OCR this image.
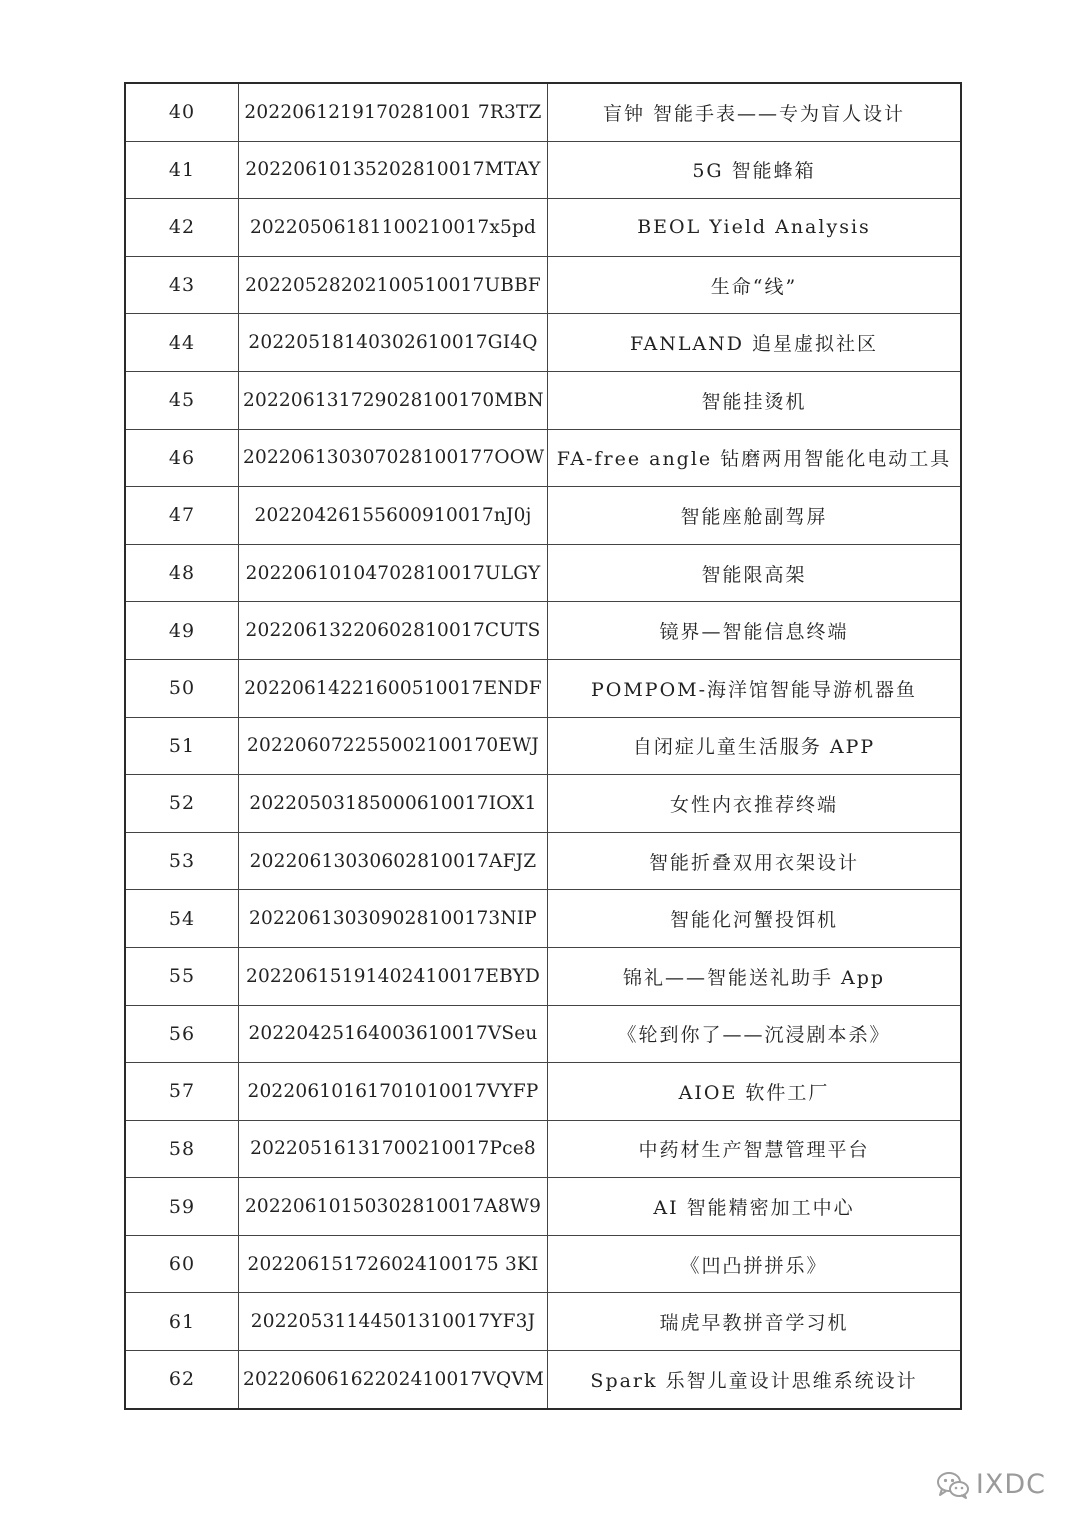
40	2022061219170281001 7R3TZ	盲钟 智能手表——专为盲人设计
41	20220610135202810017MTAY	5G 智能蜂箱
42	20220506181100210017x5pd	BEOL Yield Analysis
43	20220528202100510017UBBF	生命“线”
44	20220518140302610017GI4Q	FANLAND 追星虚拟社区
45	202206131729028100170MBN	智能挂烫机
46	202206130307028100177OOW	FA-free angle 钻磨两用智能化电动工具
47	20220426155600910017nJ0j	智能座舱副驾屏
48	20220610104702810017ULGY	智能限高架
49	20220613220602810017CUTS	镜界—智能信息终端
50	20220614221600510017ENDF	POMPOM-海洋馆智能导游机器鱼
51	202206072255002100170EWJ	自闭症儿童生活服务 APP
52	20220503185000610017IOX1	女性内衣推荐终端
53	20220613030602810017AFJZ	智能折叠双用衣架设计
54	202206130309028100173NIP	智能化河蟹投饵机
55	20220615191402410017EBYD	锦礼——智能送礼助手 App
56	20220425164003610017VSeu	《轮到你了——沉浸剧本杀》
57	20220610161701010017VYFP	AIOE 软件工厂
58	20220516131700210017Pce8	中药材生产智慧管理平台
59	20220610150302810017A8W9	AI 智能精密加工中心
60	202206151726024100175 3KI	《凹凸拼拼乐》
61	20220531144501310017YF3J	瑞虎早教拼音学习机
62	20220606162202410017VQVM	Spark 乐智儿童设计思维系统设计
IXDC
